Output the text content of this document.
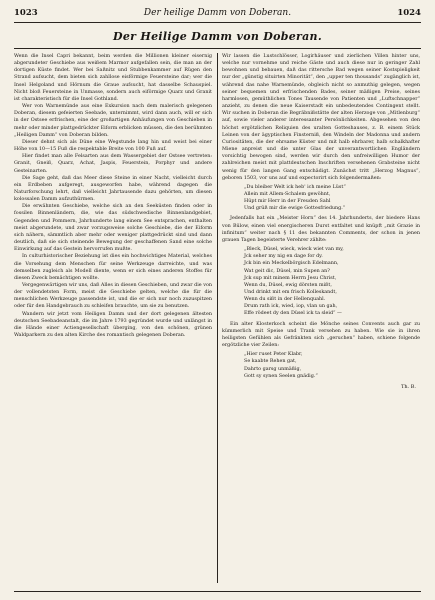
1023	Der heilige Damm von Doberan.	1024
Der Heilige Damm von Doberan.

Wenn die Insel Capri bekannt, beim werden die Millionen kleiner eisernig abgerundeter Geschiebe aus weißem Marmor aufgefallen sein, die man an der dortigen Küste findet. Wer bei Saßnitz und Stubbenkammer auf Rügen den Strand aufsucht, dem bieten sich zahllose eisförmige Feuersteine dar; wer die Insel Helgoland und Hörnum die Graue aufsucht, hat dasselbe Schauspiel. Nicht bloß Feuersteine in Unmasse, sondern auch eiförmige Quarz und Granit ist charakteristisch für die Insel Gothland.

Wer von Warnemünde aus eine Exkursion nach dem malerisch gelegenen Doberan, diesem gefeierten Seebade, unternimmt, wird dann auch, will er sich in der Ostsee erfrischen, eine der großartigen Anhäufungen von Geschieben in mehr oder minder plattgedrückter Eiform erblicken müssen, die den berühmten „Heiligen Damm“ von Doberan bilden.

Dieser dehnt sich als Düne eine Wegstunde lang hin und weist bei einer Höhe von 10—15 Fuß die respektable Breite von 100 Fuß auf.

Hier findet man alle Felsarten aus dem Wassergebiet der Ostsee vertreten: Granit, Gneiß, Quarz, Achat, Jaspis, Feuerstein, Porphyr und andere Gesteinarten.

Die Sage geht, daß das Meer diese Steine in einer Nacht, vielleicht durch ein Erdbeben aufgeregt, ausgeworfen habe, während dagegen die Naturforschung lehrt, daß vielleicht Jahrtausende dazu gehörten, um diesen kolossalen Damm aufzuthürmen.

Die erwähnten Geschiebe, welche sich an den Seeküsten finden oder in fossilen Binnenländern, die, wie das südschwedische Binnenlandgebiet, Gegenden und Pommern, Jahrhunderte lang einem See entsprachen, enthalten meist abgerundete, und zwar vorzugsweise solche Geschiebe, die der Eiform sich nähern, sämmtlich aber mehr oder weniger plattgedrückt sind und dann deutlich, daß sie sich steinende Bewegung der geschaffenen Sand eine solche Einwirkung auf das Gestein hervorrufen mußte.

In culturhistorischer Beziehung ist dies ein hochwichtiges Material, welches die Vorsehung dem Menschen für seine Werkzeuge darreichte, und was demselben zugleich als Modell diente, wenn er sich eines anderen Stoffes für diesen Zweck bemächtigen wollte.

Vergegenwärtigen wir uns, daß Alles in diesen Geschieben, und zwar die von der vollendetsten Form, meist die Geschiebe gelten, welche die für die menschlichen Werkzeuge passendste ist, und die er sich nur noch zuzuspitzen oder für den Handgebrauch zu schleifen brauchte, um sie zu benutzen.

Wandern wir jetzt vom Heiligen Damm und der dort gelegenen ältesten deutschen Seebadeanstalt, die im Jahre 1793 gegründet wurde und unlängst in die Hände einer Actiengesellschaft überging, von den schönen, grünen Waldparkern zu den alten Kirche des romantisch gelegenen Doberan.

Wir lassen die Lustschlösser, Logirhäuser und zierlichen Villen hinter uns, welche nur vornehme und reiche Gäste und auch diese nur in geringer Zahl bewohnen und bebauen, daß das rittersche Bad wegen seiner Kostspieligkeit nur der „günstig situirten Minorität“, den „upper ten thousands“ zugänglich ist, während das nahe Warnemünde, obgleich nicht so anmuthig gelegen, wegen seiner bequemen und erfrischenden Bades, seiner mäßigen Preise, seines harmlosen, gemüthlichen Tones Tausende von Patienten und „Luftschnapper“ anzieht, zu denen die neue Kaiserstadt ein unbedeutendes Contingent stellt. Wir suchen in Doberan die Begräbnißstätte der alten Herzoge von „Mitlenburg“ auf, sowie vieler anderer interessanter Persönlichkeiten. Abgesehen von den höchst ergötzlichen Reliquien des uralten Gotteshauses, z. B. einem Stück Leinen von der ägyptischen Finsterniß, den Windeln der Madonna und andern Curiositäten, die der ehrsame Küster und mit halb ehrbarer, halb schalkhafter Miene anpreist und die unter Glas der unverantwortlichen Engländern vorsichtig bewogen sind, werden wir durch den unfreiwilligen Humor der zahlreichen meist mit plattdeutschen Inschriften versehenen Grabsteine nicht wenig für den langen Gang entschädigt. Zunächst tritt „Herzog Magnus“, geboren 1503, vor uns auf und expectorirt sich folgendermaßen:

„Du bleiber Welt ick heb' ich meine Lüst“
Allein mit Allem-Schalem gewöhnt,
Hüpt mir Herr in der Freuden Sahl
Und grüß mir die ewige Gottesfriedung.“

Jedenfalls hat ein „Meister Horn“ des 14. Jahrhunderts, der biedere Hans von Bülow, einen viel energischeren Durst entfaltet und knüpft „mit Grazie in infinitum“ weiter nach § 11 des bekannten Comments, der schon in jenen grauen Tagen begeisterte Verehrer zählte:

„Bleck, Düsel, wieck, wieck wiet van my,
Jck seher my nig en dage for dy.
Jck bin ein Meckelbörgisch Edelmann,
Wat geit dic, Düsel, min Supen an?
Jck sup mit minem Herrn Jesu Christ,
Wenn du, Düsel, ewig dörsten mißt,
Und drinkt mit em frisch Kolleskandt,
Wenn du sißt in der Hellenquahl.
Drum rath ick, wied, iop, vlan un gah,
Effe rödeet dy den Düsel ick ta sleid“ —

Ein alter Klosterkoch scheint die Mönche seines Convents auch gar zu kümmerlich mit Speise und Trank versehen zu haben. Wie sie in ihren heiligsten Gefühlen als Gefränkten sich „geruchen“ haben, schiene folgende ergötzliche vier Zeilen:

„Hier ruset Peter Klabr,
Se kaabte Rehen gat,
Dahrto garsg unmäßig,
Gott sy synen Seelen gnädig.“
Th. B.
